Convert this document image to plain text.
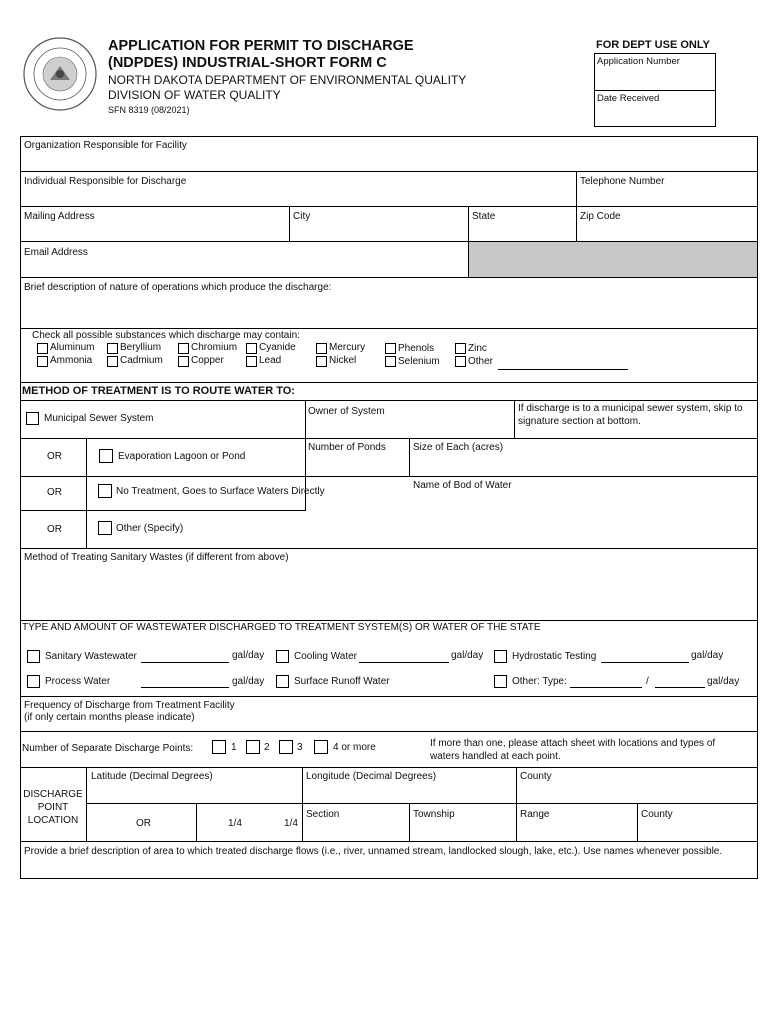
APPLICATION FOR PERMIT TO DISCHARGE
(NDPDES) INDUSTRIAL-SHORT FORM C
NORTH DAKOTA DEPARTMENT OF ENVIRONMENTAL QUALITY
DIVISION OF WATER QUALITY
SFN 8319 (08/2021)
FOR DEPT USE ONLY
Application Number
Date Received
Organization Responsible for Facility
Individual Responsible for Discharge	Telephone Number
Mailing Address	City	State	Zip Code
Email Address
Brief description of nature of operations which produce the discharge:
Check all possible substances which discharge may contain:
Aluminum
Ammonia
Beryllium
Cadmium
Chromium
Copper
Cyanide
Lead
Mercury
Nickel
Phenols
Selenium
Zinc
Other
METHOD OF TREATMENT IS TO ROUTE WATER TO:
Municipal Sewer System
Owner of System	If discharge is to a municipal sewer system, skip to signature section at bottom.
OR	Evaporation Lagoon or Pond
Number of Ponds	Size of Each (acres)
OR	No Treatment, Goes to Surface Waters Directly
Name of Bod of Water
OR	Other (Specify)
Method of Treating Sanitary Wastes (if different from above)
TYPE AND AMOUNT OF WASTEWATER DISCHARGED TO TREATMENT SYSTEM(S) OR WATER OF THE STATE
Sanitary Wastewater	gal/day	Cooling Water	gal/day	Hydrostatic Testing	gal/day
Process Water	gal/day	Surface Runoff Water	Other: Type:	/	gal/day
Frequency of Discharge from Treatment Facility
(if only certain months please indicate)
Number of Separate Discharge Points:	1	2	3	4 or more	If more than one, please attach sheet with locations and types of waters handled at each point.
DISCHARGE
POINT
LOCATION
Latitude (Decimal Degrees)	Longitude (Decimal Degrees)	County
OR	1/4	1/4
Section	Township	Range	County
Provide a brief description of area to which treated discharge flows (i.e., river, unnamed stream, landlocked slough, lake, etc.). Use names whenever possible.
